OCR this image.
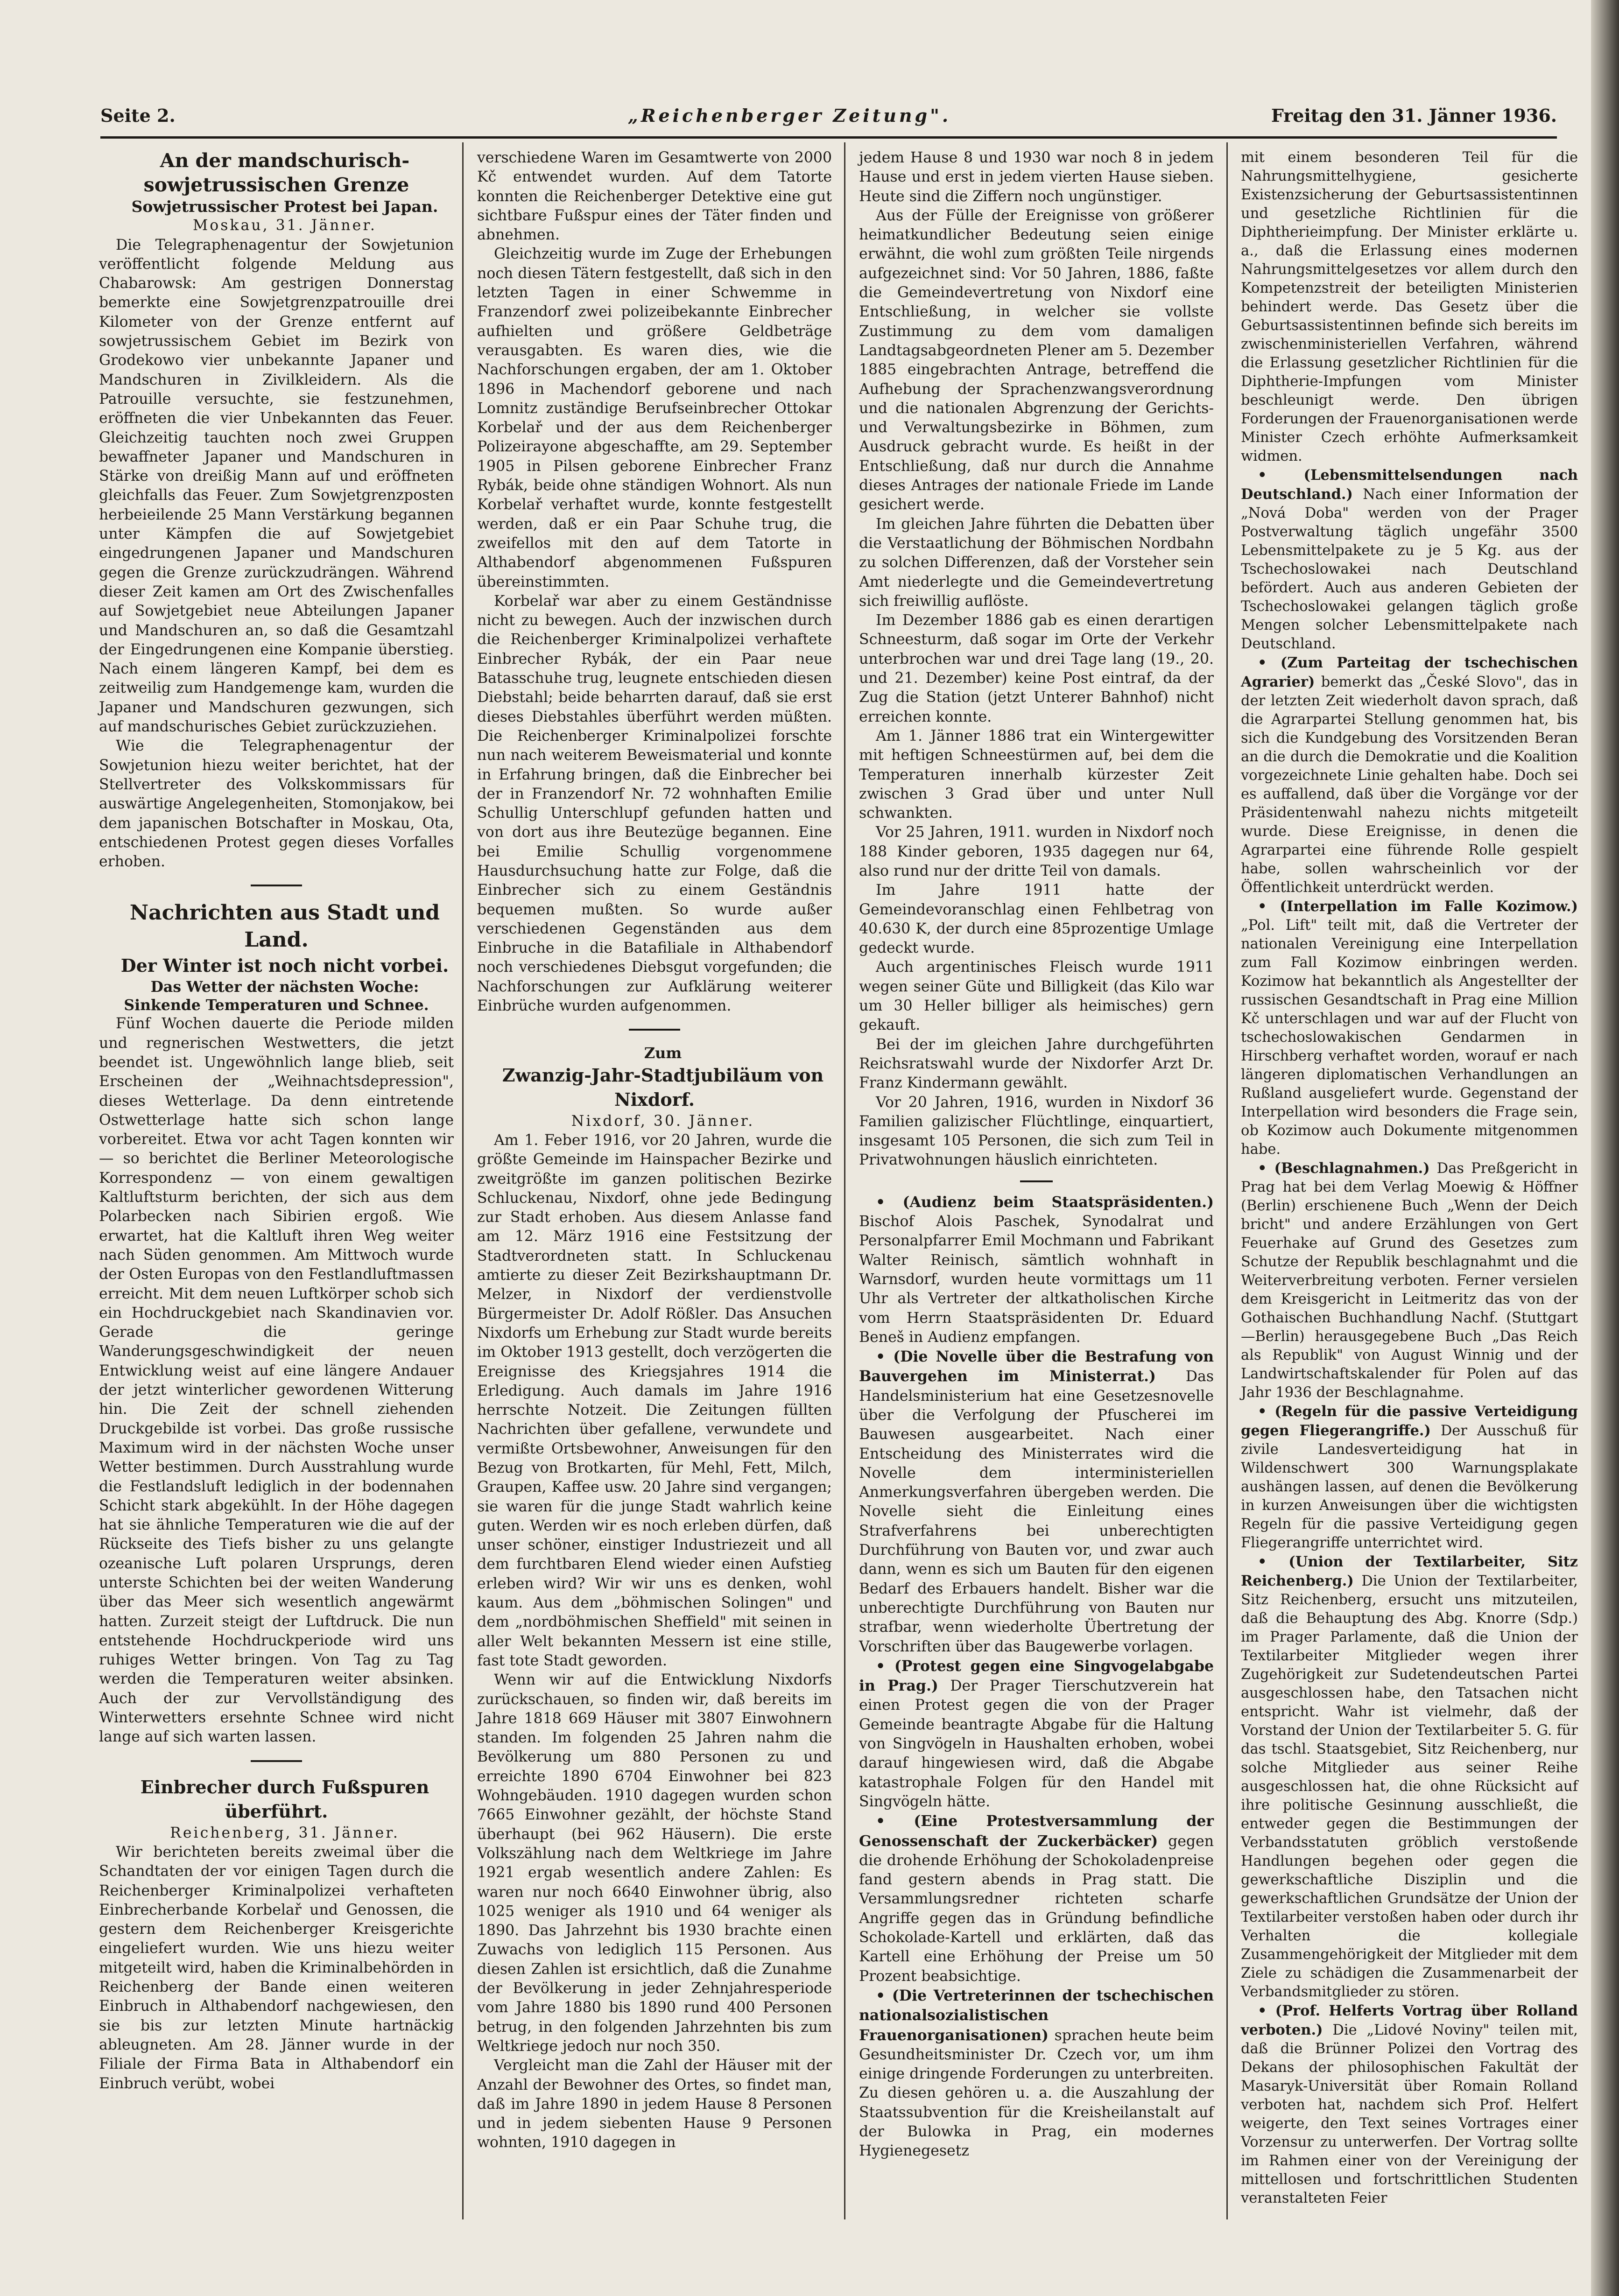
Seite 2.	„Reichenberger Zeitung".	Freitag den 31. Jänner 1936.

An der mandschurisch-sowjetrussischen Grenze

Sowjetrussischer Protest bei Japan.

Moskau, 31. Jänner.

Die Telegraphenagentur der Sowjetunion veröffentlicht folgende Meldung aus Chabarowsk: Am gestrigen Donnerstag bemerkte eine Sowjetgrenzpatrouille drei Kilometer von der Grenze entfernt auf sowjetrussischem Gebiet im Bezirk von Grodekowo vier unbekannte Japaner und Mandschuren in Zivilkleidern. Als die Patrouille versuchte, sie festzunehmen, eröffneten die vier Unbekannten das Feuer. Gleichzeitig tauchten noch zwei Gruppen bewaffneter Japaner und Mandschuren in Stärke von dreißig Mann auf und eröffneten gleichfalls das Feuer. Zum Sowjetgrenzposten herbeieilende 25 Mann Verstärkung begannen unter Kämpfen die auf Sowjetgebiet eingedrungenen Japaner und Mandschuren gegen die Grenze zurückzudrängen. Während dieser Zeit kamen am Ort des Zwischenfalles auf Sowjetgebiet neue Abteilungen Japaner und Mandschuren an, so daß die Gesamtzahl der Eingedrungenen eine Kompanie überstieg. Nach einem längeren Kampf, bei dem es zeitweilig zum Handgemenge kam, wurden die Japaner und Mandschuren gezwungen, sich auf mandschurisches Gebiet zurückzuziehen.

Wie die Telegraphenagentur der Sowjetunion hiezu weiter berichtet, hat der Stellvertreter des Volkskommissars für auswärtige Angelegenheiten, Stomonjakow, bei dem japanischen Botschafter in Moskau, Ota, entschiedenen Protest gegen dieses Vorfalles erhoben.

Nachrichten aus Stadt und Land.

Der Winter ist noch nicht vorbei.

Das Wetter der nächsten Woche: Sinkende Temperaturen und Schnee.

Fünf Wochen dauerte die Periode milden und regnerischen Westwetters, die jetzt beendet ist. Ungewöhnlich lange blieb, seit Erscheinen der „Weihnachtsdepression", dieses Wetterlage. Da denn eintretende Ostwetterlage hatte sich schon lange vorbereitet. Etwa vor acht Tagen konnten wir — so berichtet die Berliner Meteorologische Korrespondenz — von einem gewaltigen Kaltluftsturm berichten, der sich aus dem Polarbecken nach Sibirien ergoß. Wie erwartet, hat die Kaltluft ihren Weg weiter nach Süden genommen. Am Mittwoch wurde der Osten Europas von den Festlandluftmassen erreicht. Mit dem neuen Luftkörper schob sich ein Hochdruckgebiet nach Skandinavien vor. Gerade die geringe Wanderungsgeschwindigkeit der neuen Entwicklung weist auf eine längere Andauer der jetzt winterlicher gewordenen Witterung hin. Die Zeit der schnell ziehenden Druckgebilde ist vorbei. Das große russische Maximum wird in der nächsten Woche unser Wetter bestimmen. Durch Ausstrahlung wurde die Festlandsluft lediglich in der bodennahen Schicht stark abgekühlt. In der Höhe dagegen hat sie ähnliche Temperaturen wie die auf der Rückseite des Tiefs bisher zu uns gelangte ozeanische Luft polaren Ursprungs, deren unterste Schichten bei der weiten Wanderung über das Meer sich wesentlich angewärmt hatten. Zurzeit steigt der Luftdruck. Die nun entstehende Hochdruckperiode wird uns ruhiges Wetter bringen. Von Tag zu Tag werden die Temperaturen weiter absinken. Auch der zur Vervollständigung des Winterwetters ersehnte Schnee wird nicht lange auf sich warten lassen.

Einbrecher durch Fußspuren überführt.

Reichenberg, 31. Jänner.

Wir berichteten bereits zweimal über die Schandtaten der vor einigen Tagen durch die Reichenberger Kriminalpolizei verhafteten Einbrecherbande Korbelař und Genossen, die gestern dem Reichenberger Kreisgerichte eingeliefert wurden. Wie uns hiezu weiter mitgeteilt wird, haben die Kriminalbehörden in Reichenberg der Bande einen weiteren Einbruch in Althabendorf nachgewiesen, den sie bis zur letzten Minute hartnäckig ableugneten. Am 28. Jänner wurde in der Filiale der Firma Bata in Althabendorf ein Einbruch verübt, wobei

verschiedene Waren im Gesamtwerte von 2000 Kč entwendet wurden. Auf dem Tatorte konnten die Reichenberger Detektive eine gut sichtbare Fußspur eines der Täter finden und abnehmen.

Gleichzeitig wurde im Zuge der Erhebungen noch diesen Tätern festgestellt, daß sich in den letzten Tagen in einer Schwemme in Franzendorf zwei polizeibekannte Einbrecher aufhielten und größere Geldbeträge verausgabten. Es waren dies, wie die Nachforschungen ergaben, der am 1. Oktober 1896 in Machendorf geborene und nach Lomnitz zuständige Berufseinbrecher Ottokar Korbelař und der aus dem Reichenberger Polizeirayone abgeschaffte, am 29. September 1905 in Pilsen geborene Einbrecher Franz Rybák, beide ohne ständigen Wohnort. Als nun Korbelař verhaftet wurde, konnte festgestellt werden, daß er ein Paar Schuhe trug, die zweifellos mit den auf dem Tatorte in Althabendorf abgenommenen Fußspuren übereinstimmten.

Korbelař war aber zu einem Geständnisse nicht zu bewegen. Auch der inzwischen durch die Reichenberger Kriminalpolizei verhaftete Einbrecher Rybák, der ein Paar neue Batasschuhe trug, leugnete entschieden diesen Diebstahl; beide beharrten darauf, daß sie erst dieses Diebstahles überführt werden müßten. Die Reichenberger Kriminalpolizei forschte nun nach weiterem Beweismaterial und konnte in Erfahrung bringen, daß die Einbrecher bei der in Franzendorf Nr. 72 wohnhaften Emilie Schullig Unterschlupf gefunden hatten und von dort aus ihre Beutezüge begannen. Eine bei Emilie Schullig vorgenommene Hausdurchsuchung hatte zur Folge, daß die Einbrecher sich zu einem Geständnis bequemen mußten. So wurde außer verschiedenen Gegenständen aus dem Einbruche in die Batafiliale in Althabendorf noch verschiedenes Diebsgut vorgefunden; die Nachforschungen zur Aufklärung weiterer Einbrüche wurden aufgenommen.

Zum

Zwanzig-Jahr-Stadtjubiläum von Nixdorf.

Nixdorf, 30. Jänner.

Am 1. Feber 1916, vor 20 Jahren, wurde die größte Gemeinde im Hainspacher Bezirke und zweitgrößte im ganzen politischen Bezirke Schluckenau, Nixdorf, ohne jede Bedingung zur Stadt erhoben. Aus diesem Anlasse fand am 12. März 1916 eine Festsitzung der Stadtverordneten statt. In Schluckenau amtierte zu dieser Zeit Bezirkshauptmann Dr. Melzer, in Nixdorf der verdienstvolle Bürgermeister Dr. Adolf Rößler. Das Ansuchen Nixdorfs um Erhebung zur Stadt wurde bereits im Oktober 1913 gestellt, doch verzögerten die Ereignisse des Kriegsjahres 1914 die Erledigung. Auch damals im Jahre 1916 herrschte Notzeit. Die Zeitungen füllten Nachrichten über gefallene, verwundete und vermißte Ortsbewohner, Anweisungen für den Bezug von Brotkarten, für Mehl, Fett, Milch, Graupen, Kaffee usw. 20 Jahre sind vergangen; sie waren für die junge Stadt wahrlich keine guten. Werden wir es noch erleben dürfen, daß unser schöner, einstiger Industriezeit und all dem furchtbaren Elend wieder einen Aufstieg erleben wird? Wir wir uns es denken, wohl kaum. Aus dem „böhmischen Solingen" und dem „nordböhmischen Sheffield" mit seinen in aller Welt bekannten Messern ist eine stille, fast tote Stadt geworden.

Wenn wir auf die Entwicklung Nixdorfs zurückschauen, so finden wir, daß bereits im Jahre 1818 669 Häuser mit 3807 Einwohnern standen. Im folgenden 25 Jahren nahm die Bevölkerung um 880 Personen zu und erreichte 1890 6704 Einwohner bei 823 Wohngebäuden. 1910 dagegen wurden schon 7665 Einwohner gezählt, der höchste Stand überhaupt (bei 962 Häusern). Die erste Volkszählung nach dem Weltkriege im Jahre 1921 ergab wesentlich andere Zahlen: Es waren nur noch 6640 Einwohner übrig, also 1025 weniger als 1910 und 64 weniger als 1890. Das Jahrzehnt bis 1930 brachte einen Zuwachs von lediglich 115 Personen. Aus diesen Zahlen ist ersichtlich, daß die Zunahme der Bevölkerung in jeder Zehnjahresperiode vom Jahre 1880 bis 1890 rund 400 Personen betrug, in den folgenden Jahrzehnten bis zum Weltkriege jedoch nur noch 350.

Vergleicht man die Zahl der Häuser mit der Anzahl der Bewohner des Ortes, so findet man, daß im Jahre 1890 in jedem Hause 8 Personen und in jedem siebenten Hause 9 Personen wohnten, 1910 dagegen in

jedem Hause 8 und 1930 war noch 8 in jedem Hause und erst in jedem vierten Hause sieben. Heute sind die Ziffern noch ungünstiger.

Aus der Fülle der Ereignisse von größerer heimatkundlicher Bedeutung seien einige erwähnt, die wohl zum größten Teile nirgends aufgezeichnet sind: Vor 50 Jahren, 1886, faßte die Gemeindevertretung von Nixdorf eine Entschließung, in welcher sie vollste Zustimmung zu dem vom damaligen Landtagsabgeordneten Plener am 5. Dezember 1885 eingebrachten Antrage, betreffend die Aufhebung der Sprachenzwangsverordnung und die nationalen Abgrenzung der Gerichts- und Verwaltungsbezirke in Böhmen, zum Ausdruck gebracht wurde. Es heißt in der Entschließung, daß nur durch die Annahme dieses Antrages der nationale Friede im Lande gesichert werde.

Im gleichen Jahre führten die Debatten über die Verstaatlichung der Böhmischen Nordbahn zu solchen Differenzen, daß der Vorsteher sein Amt niederlegte und die Gemeindevertretung sich freiwillig auflöste.

Im Dezember 1886 gab es einen derartigen Schneesturm, daß sogar im Orte der Verkehr unterbrochen war und drei Tage lang (19., 20. und 21. Dezember) keine Post eintraf, da der Zug die Station (jetzt Unterer Bahnhof) nicht erreichen konnte.

Am 1. Jänner 1886 trat ein Wintergewitter mit heftigen Schneestürmen auf, bei dem die Temperaturen innerhalb kürzester Zeit zwischen 3 Grad über und unter Null schwankten.

Vor 25 Jahren, 1911. wurden in Nixdorf noch 188 Kinder geboren, 1935 dagegen nur 64, also rund nur der dritte Teil von damals.

Im Jahre 1911 hatte der Gemeindevoranschlag einen Fehlbetrag von 40.630 K, der durch eine 85prozentige Umlage gedeckt wurde.

Auch argentinisches Fleisch wurde 1911 wegen seiner Güte und Billigkeit (das Kilo war um 30 Heller billiger als heimisches) gern gekauft.

Bei der im gleichen Jahre durchgeführten Reichsratswahl wurde der Nixdorfer Arzt Dr. Franz Kindermann gewählt.

Vor 20 Jahren, 1916, wurden in Nixdorf 36 Familien galizischer Flüchtlinge, einquartiert, insgesamt 105 Personen, die sich zum Teil in Privatwohnungen häuslich einrichteten.

• (Audienz beim Staatspräsidenten.) Bischof Alois Paschek, Synodalrat und Personalpfarrer Emil Mochmann und Fabrikant Walter Reinisch, sämtlich wohnhaft in Warnsdorf, wurden heute vormittags um 11 Uhr als Vertreter der altkatholischen Kirche vom Herrn Staatspräsidenten Dr. Eduard Beneš in Audienz empfangen.

• (Die Novelle über die Bestrafung von Bauvergehen im Ministerrat.) Das Handelsministerium hat eine Gesetzesnovelle über die Verfolgung der Pfuscherei im Bauwesen ausgearbeitet. Nach einer Entscheidung des Ministerrates wird die Novelle dem interministeriellen Anmerkungsverfahren übergeben werden. Die Novelle sieht die Einleitung eines Strafverfahrens bei unberechtigten Durchführung von Bauten vor, und zwar auch dann, wenn es sich um Bauten für den eigenen Bedarf des Erbauers handelt. Bisher war die unberechtigte Durchführung von Bauten nur strafbar, wenn wiederholte Übertretung der Vorschriften über das Baugewerbe vorlagen.

• (Protest gegen eine Singvogelabgabe in Prag.) Der Prager Tierschutzverein hat einen Protest gegen die von der Prager Gemeinde beantragte Abgabe für die Haltung von Singvögeln in Haushalten erhoben, wobei darauf hingewiesen wird, daß die Abgabe katastrophale Folgen für den Handel mit Singvögeln hätte.

• (Eine Protestversammlung der Genossenschaft der Zuckerbäcker) gegen die drohende Erhöhung der Schokoladenpreise fand gestern abends in Prag statt. Die Versammlungsredner richteten scharfe Angriffe gegen das in Gründung befindliche Schokolade-Kartell und erklärten, daß das Kartell eine Erhöhung der Preise um 50 Prozent beabsichtige.

• (Die Vertreterinnen der tschechischen nationalsozialistischen Frauenorganisationen) sprachen heute beim Gesundheitsminister Dr. Czech vor, um ihm einige dringende Forderungen zu unterbreiten. Zu diesen gehören u. a. die Auszahlung der Staatssubvention für die Kreisheilanstalt auf der Bulowka in Prag, ein modernes Hygienegesetz

mit einem besonderen Teil für die Nahrungsmittelhygiene, gesicherte Existenzsicherung der Geburtsassistentinnen und gesetzliche Richtlinien für die Diphtherieimpfung. Der Minister erklärte u. a., daß die Erlassung eines modernen Nahrungsmittelgesetzes vor allem durch den Kompetenzstreit der beteiligten Ministerien behindert werde. Das Gesetz über die Geburtsassistentinnen befinde sich bereits im zwischenministeriellen Verfahren, während die Erlassung gesetzlicher Richtlinien für die Diphtherie-Impfungen vom Minister beschleunigt werde. Den übrigen Forderungen der Frauenorganisationen werde Minister Czech erhöhte Aufmerksamkeit widmen.

• (Lebensmittelsendungen nach Deutschland.) Nach einer Information der „Nová Doba" werden von der Prager Postverwaltung täglich ungefähr 3500 Lebensmittelpakete zu je 5 Kg. aus der Tschechoslowakei nach Deutschland befördert. Auch aus anderen Gebieten der Tschechoslowakei gelangen täglich große Mengen solcher Lebensmittelpakete nach Deutschland.

• (Zum Parteitag der tschechischen Agrarier) bemerkt das „České Slovo", das in der letzten Zeit wiederholt davon sprach, daß die Agrarpartei Stellung genommen hat, bis sich die Kundgebung des Vorsitzenden Beran an die durch die Demokratie und die Koalition vorgezeichnete Linie gehalten habe. Doch sei es auffallend, daß über die Vorgänge vor der Präsidentenwahl nahezu nichts mitgeteilt wurde. Diese Ereignisse, in denen die Agrarpartei eine führende Rolle gespielt habe, sollen wahrscheinlich vor der Öffentlichkeit unterdrückt werden.

• (Interpellation im Falle Kozimow.) „Pol. Lift" teilt mit, daß die Vertreter der nationalen Vereinigung eine Interpellation zum Fall Kozimow einbringen werden. Kozimow hat bekanntlich als Angestellter der russischen Gesandtschaft in Prag eine Million Kč unterschlagen und war auf der Flucht von tschechoslowakischen Gendarmen in Hirschberg verhaftet worden, worauf er nach längeren diplomatischen Verhandlungen an Rußland ausgeliefert wurde. Gegenstand der Interpellation wird besonders die Frage sein, ob Kozimow auch Dokumente mitgenommen habe.

• (Beschlagnahmen.) Das Preßgericht in Prag hat bei dem Verlag Moewig & Höffner (Berlin) erschienene Buch „Wenn der Deich bricht" und andere Erzählungen von Gert Feuerhake auf Grund des Gesetzes zum Schutze der Republik beschlagnahmt und die Weiterverbreitung verboten. Ferner versielen dem Kreisgericht in Leitmeritz das von der Gothaischen Buchhandlung Nachf. (Stuttgart—Berlin) herausgegebene Buch „Das Reich als Republik" von August Winnig und der Landwirtschaftskalender für Polen auf das Jahr 1936 der Beschlagnahme.

• (Regeln für die passive Verteidigung gegen Fliegerangriffe.) Der Ausschuß für zivile Landesverteidigung hat in Wildenschwert 300 Warnungsplakate aushängen lassen, auf denen die Bevölkerung in kurzen Anweisungen über die wichtigsten Regeln für die passive Verteidigung gegen Fliegerangriffe unterrichtet wird.

• (Union der Textilarbeiter, Sitz Reichenberg.) Die Union der Textilarbeiter, Sitz Reichenberg, ersucht uns mitzuteilen, daß die Behauptung des Abg. Knorre (Sdp.) im Prager Parlamente, daß die Union der Textilarbeiter Mitglieder wegen ihrer Zugehörigkeit zur Sudetendeutschen Partei ausgeschlossen habe, den Tatsachen nicht entspricht. Wahr ist vielmehr, daß der Vorstand der Union der Textilarbeiter 5. G. für das tschl. Staatsgebiet, Sitz Reichenberg, nur solche Mitglieder aus seiner Reihe ausgeschlossen hat, die ohne Rücksicht auf ihre politische Gesinnung ausschließt, die entweder gegen die Bestimmungen der Verbandsstatuten gröblich verstoßende Handlungen begehen oder gegen die gewerkschaftliche Disziplin und die gewerkschaftlichen Grundsätze der Union der Textilarbeiter verstoßen haben oder durch ihr Verhalten die kollegiale Zusammengehörigkeit der Mitglieder mit dem Ziele zu schädigen die Zusammenarbeit der Verbandsmitglieder zu stören.

• (Prof. Helferts Vortrag über Rolland verboten.) Die „Lidové Noviny" teilen mit, daß die Brünner Polizei den Vortrag des Dekans der philosophischen Fakultät der Masaryk-Universität über Romain Rolland verboten hat, nachdem sich Prof. Helfert weigerte, den Text seines Vortrages einer Vorzensur zu unterwerfen. Der Vortrag sollte im Rahmen einer von der Vereinigung der mittellosen und fortschrittlichen Studenten veranstalteten Feier
